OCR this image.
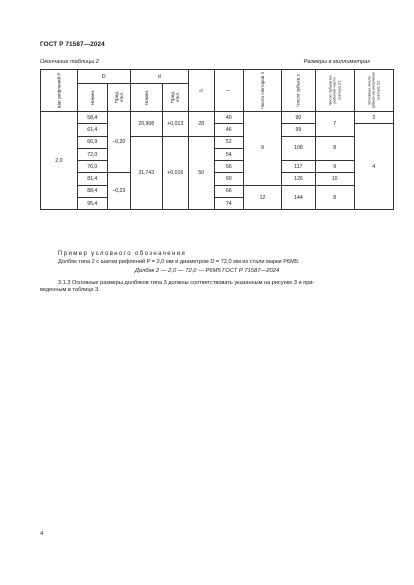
ГОСТ Р 71587—2024
Окончание таблицы 2	Размеры в миллиметрах
Шаг рифлений P	D		d		l1	l	Число секторов n	Число зубьев z	Число зубьев на рабочей части сектора Z1	Условное число зубьев на неполном секторе Z2
	Номин.	Пред. откл.	Номин.	Пред. откл.						
2,0	58,4	−0,20	20,908	+0,013	28	40	9	90	7	3
	61,4					46		99		4
	66,9		31,743	+0,016	50	52		108	8	
	72,0					54				
	76,0					56		117	9	
	81,4	−0,23				60		126	10	
	88,4					66	12	144	8	
	95,4					74				
Пример условного обозначения
Долбяк типа 2 с шагом рифлений P = 2,0 мм и диаметром D = 72,0 мм из стали марки Р6М5:
Долбяк 2 — 2,0 — 72,0 — Р6М5 ГОСТ Р 71587—2024
3.1.3 Основные размеры долбяков типа 3 должны соответствовать указанным на рисунке 3 и при-
веденным в таблице 3.
4
